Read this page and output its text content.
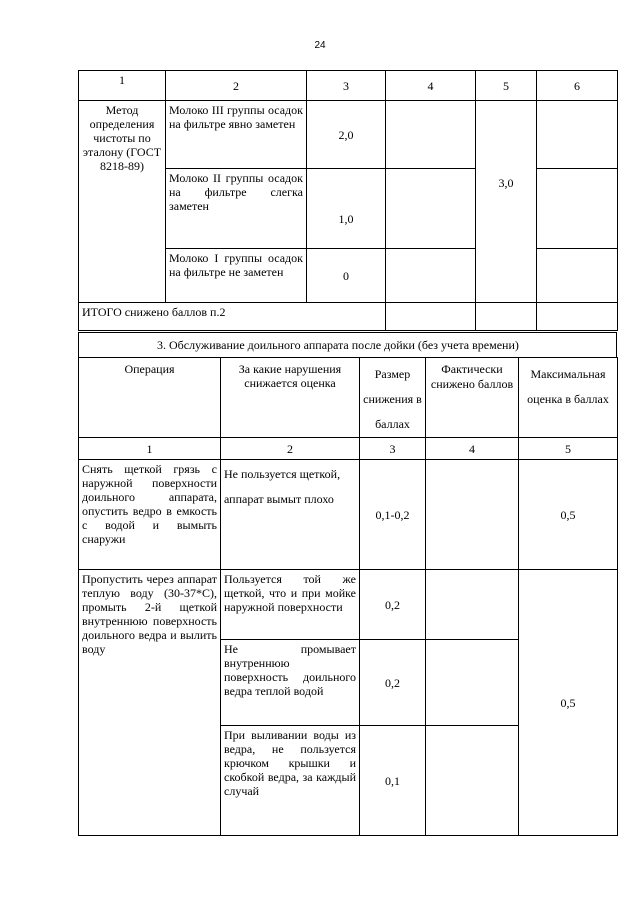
24
1	2	3	4	5	6
Метод определения чистоты по эталону (ГОСТ 8218-89)	Молоко III группы осадок на фильтре явно заметен	2,0		3,0	
	Молоко II группы осадок на фильтре слегка заметен	1,0			
	Молоко I группы осадок на фильтре не заметен	0			
ИТОГО снижено баллов п.2					
3. Обслуживание доильного аппарата после дойки (без учета времени)
Операция	За какие нарушения снижается оценка	Размер снижения в баллах	Фактически снижено баллов	Максимальная оценка в баллах
1	2	3	4	5
Снять щеткой грязь с наружной поверхности доильного аппарата, опустить ведро в емкость с водой и вымыть снаружи	Не пользуется щеткой, аппарат вымыт плохо	0,1-0,2		0,5
Пропустить через аппарат теплую воду (30-37*С), промыть 2-й щеткой внутреннюю поверхность доильного ведра и вылить воду	Пользуется той же щеткой, что и при мойке наружной поверхности	0,2		0,5
	Не промывает внутреннюю поверхность доильного ведра теплой водой	0,2		
	При выливании воды из ведра, не пользуется крючком крышки и скобкой ведра, за каждый случай	0,1		
